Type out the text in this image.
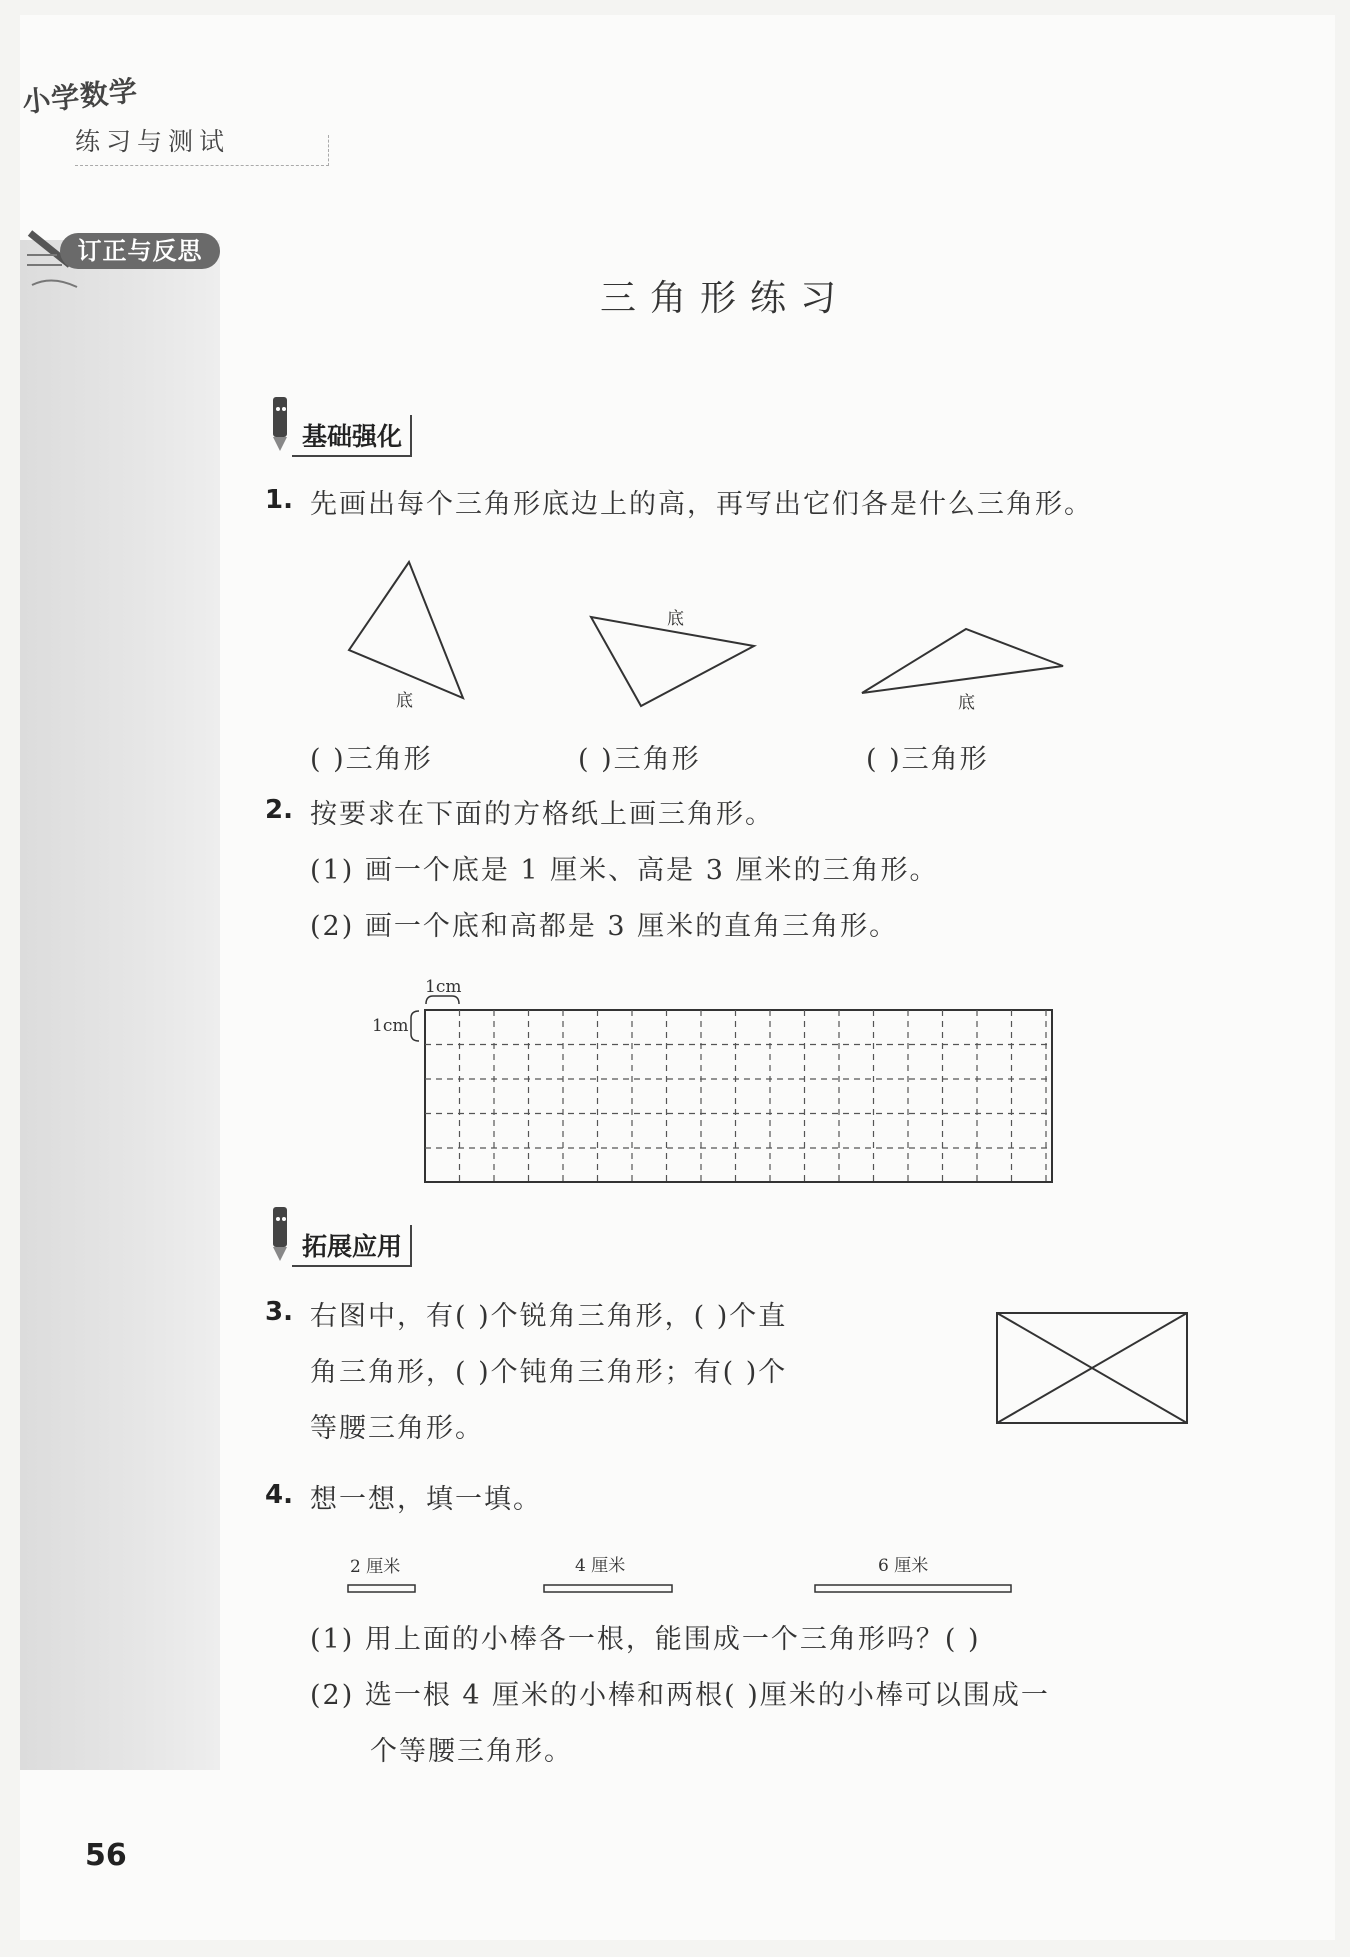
小学数学
练习与测试
订正与反思
三角形练习
基础强化
1. 先画出每个三角形底边上的高，再写出它们各是什么三角形。
底
底
底
( )三角形	( )三角形	( )三角形
2. 按要求在下面的方格纸上画三角形。
(1) 画一个底是 1 厘米、高是 3 厘米的三角形。
(2) 画一个底和高都是 3 厘米的直角三角形。
1cm
1cm
拓展应用
3. 右图中，有( )个锐角三角形，( )个直
角三角形，( )个钝角三角形；有( )个
等腰三角形。
4. 想一想，填一填。
2 厘米	4 厘米	6 厘米
(1) 用上面的小棒各一根，能围成一个三角形吗？( )
(2) 选一根 4 厘米的小棒和两根( )厘米的小棒可以围成一
个等腰三角形。
56
